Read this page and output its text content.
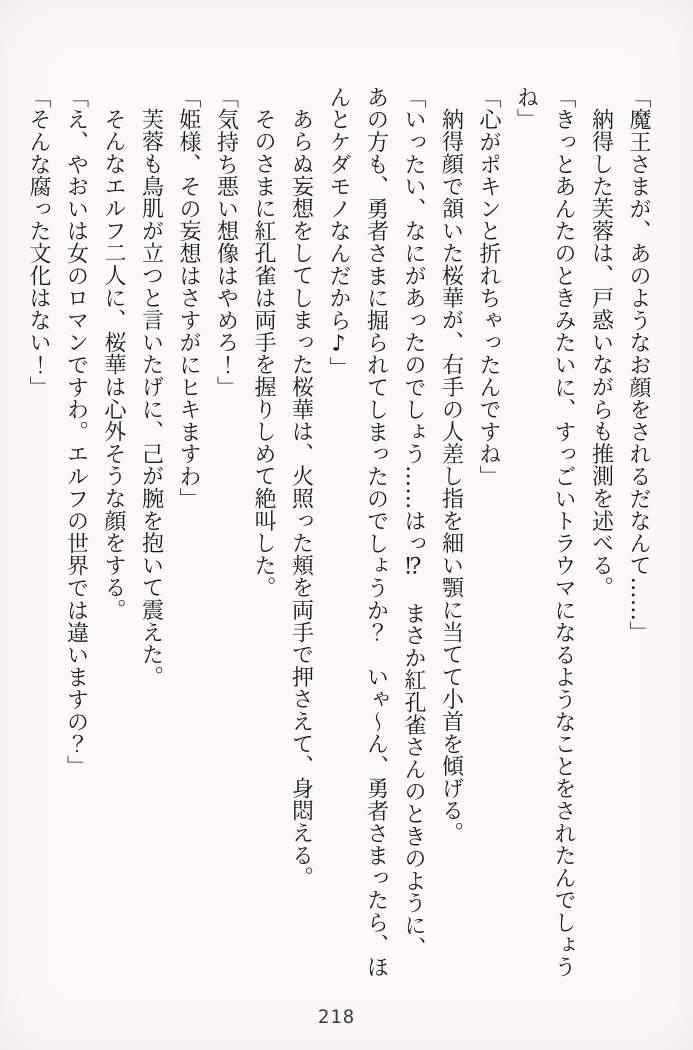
「魔王さまが、あのようなお顔をされるだなんて……」

納得した芙蓉は、戸惑いながらも推測を述べる。

「きっとあんたのときみたいに、すっごいトラウマになるようなことをされたんでしょうね」

「心がポキンと折れちゃったんですね」

納得顔で頷いた桜華が、右手の人差し指を細い顎に当てて小首を傾げる。

「いったい、なにがあったのでしょう……はっ⁉　まさか紅孔雀さんのときのように、あの方も、勇者さまに掘られてしまったのでしょうか？　いゃ～ん、勇者さまったら、ほんとケダモノなんだから♪」

あらぬ妄想をしてしまった桜華は、火照った頬を両手で押さえて、身悶える。

そのさまに紅孔雀は両手を握りしめて絶叫した。

「気持ち悪い想像はやめろ！」

「姫様、その妄想はさすがにヒキますわ」

芙蓉も鳥肌が立つと言いたげに、己が腕を抱いて震えた。

そんなエルフ二人に、桜華は心外そうな顔をする。

「え、やおいは女のロマンですわ。エルフの世界では違いますの？」

「そんな腐った文化はない！」

218
